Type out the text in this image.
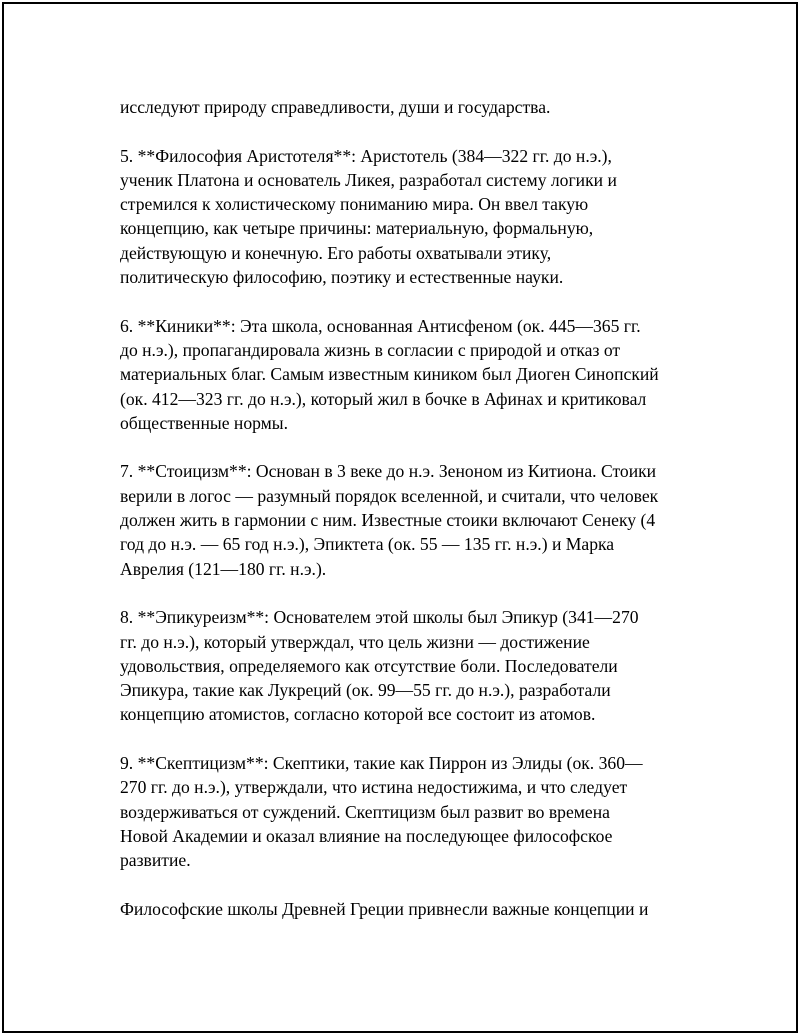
исследуют природу справедливости, души и государства.

5. **Философия Аристотеля**: Аристотель (384—322 гг. до н.э.),
ученик Платона и основатель Ликея, разработал систему логики и
стремился к холистическому пониманию мира. Он ввел такую
концепцию, как четыре причины: материальную, формальную,
действующую и конечную. Его работы охватывали этику,
политическую философию, поэтику и естественные науки.

6. **Киники**: Эта школа, основанная Антисфеном (ок. 445—365 гг.
до н.э.), пропагандировала жизнь в согласии с природой и отказ от
материальных благ. Самым известным киником был Диоген Синопский
(ок. 412—323 гг. до н.э.), который жил в бочке в Афинах и критиковал
общественные нормы.

7. **Стоицизм**: Основан в 3 веке до н.э. Зеноном из Китиона. Стоики
верили в логос — разумный порядок вселенной, и считали, что человек
должен жить в гармонии с ним. Известные стоики включают Сенеку (4
год до н.э. — 65 год н.э.), Эпиктета (ок. 55 — 135 гг. н.э.) и Марка
Аврелия (121—180 гг. н.э.).

8. **Эпикуреизм**: Основателем этой школы был Эпикур (341—270
гг. до н.э.), который утверждал, что цель жизни — достижение
удовольствия, определяемого как отсутствие боли. Последователи
Эпикура, такие как Лукреций (ок. 99—55 гг. до н.э.), разработали
концепцию атомистов, согласно которой все состоит из атомов.

9. **Скептицизм**: Скептики, такие как Пиррон из Элиды (ок. 360—
270 гг. до н.э.), утверждали, что истина недостижима, и что следует
воздерживаться от суждений. Скептицизм был развит во времена
Новой Академии и оказал влияние на последующее философское
развитие.

Философские школы Древней Греции привнесли важные концепции и
